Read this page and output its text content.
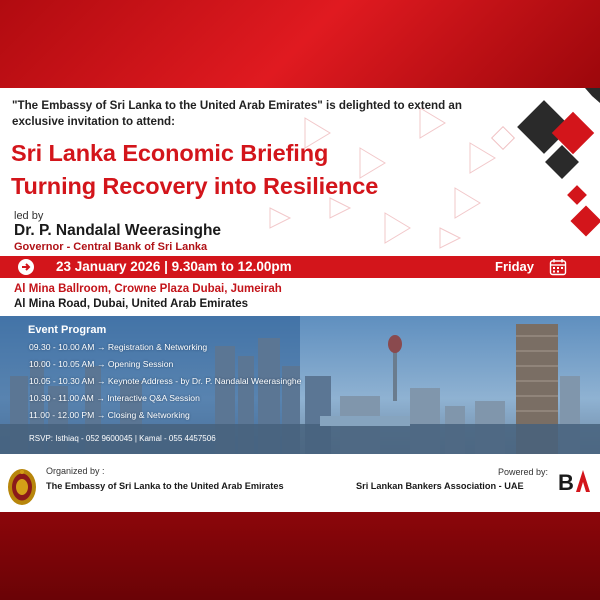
"The Embassy of Sri Lanka to the United Arab Emirates" is delighted to extend an exclusive invitation to attend:
Sri Lanka Economic Briefing
Turning Recovery into Resilience
led by
Dr. P. Nandalal Weerasinghe
Governor - Central Bank of Sri Lanka
23 January 2026 | 9.30am to 12.00pm	Friday
Al Mina Ballroom, Crowne Plaza Dubai, Jumeirah
Al Mina Road, Dubai, United Arab Emirates
Event Program
09.30 - 10.00 AM → Registration & Networking
10.00 - 10.05 AM → Opening Session
10.05 - 10.30 AM → Keynote Address - by Dr. P. Nandalal Weerasinghe
10.30 - 11.00 AM → Interactive Q&A Session
11.00 - 12.00 PM → Closing & Networking
RSVP: Isthiaq - 052 9600045 | Kamal - 055 4457506
Organized by :
The Embassy of Sri Lanka to the United Arab Emirates
Powered by:
Sri Lankan Bankers Association - UAE B
